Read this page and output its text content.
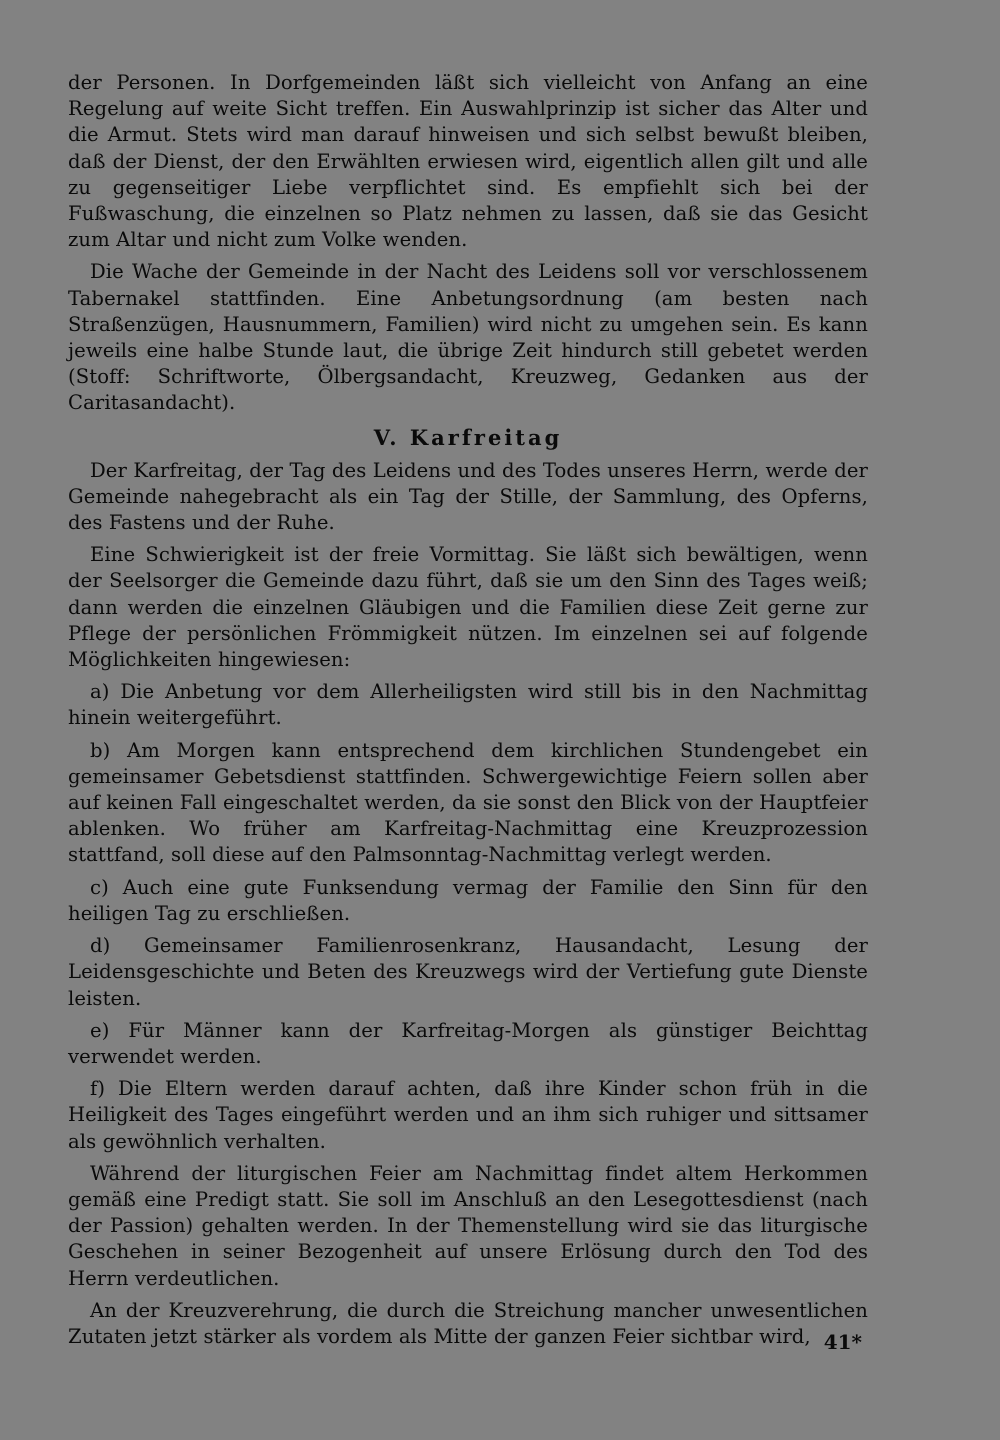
der Personen. In Dorfgemeinden läßt sich vielleicht von Anfang an eine Regelung auf weite Sicht treffen. Ein Auswahlprinzip ist sicher das Alter und die Armut. Stets wird man darauf hinweisen und sich selbst bewußt bleiben, daß der Dienst, der den Erwählten erwiesen wird, eigentlich allen gilt und alle zu gegenseitiger Liebe verpflichtet sind. Es empfiehlt sich bei der Fußwaschung, die einzelnen so Platz nehmen zu lassen, daß sie das Gesicht zum Altar und nicht zum Volke wenden.

Die Wache der Gemeinde in der Nacht des Leidens soll vor verschlossenem Tabernakel stattfinden. Eine Anbetungsordnung (am besten nach Straßenzügen, Hausnummern, Familien) wird nicht zu umgehen sein. Es kann jeweils eine halbe Stunde laut, die übrige Zeit hindurch still gebetet werden (Stoff: Schriftworte, Ölbergsandacht, Kreuzweg, Gedanken aus der Caritasandacht).

V. Karfreitag

Der Karfreitag, der Tag des Leidens und des Todes unseres Herrn, werde der Gemeinde nahegebracht als ein Tag der Stille, der Sammlung, des Opferns, des Fastens und der Ruhe.

Eine Schwierigkeit ist der freie Vormittag. Sie läßt sich bewältigen, wenn der Seelsorger die Gemeinde dazu führt, daß sie um den Sinn des Tages weiß; dann werden die einzelnen Gläubigen und die Familien diese Zeit gerne zur Pflege der persönlichen Frömmigkeit nützen. Im einzelnen sei auf folgende Möglichkeiten hingewiesen:

a) Die Anbetung vor dem Allerheiligsten wird still bis in den Nachmittag hinein weitergeführt.

b) Am Morgen kann entsprechend dem kirchlichen Stundengebet ein gemeinsamer Gebetsdienst stattfinden. Schwergewichtige Feiern sollen aber auf keinen Fall eingeschaltet werden, da sie sonst den Blick von der Hauptfeier ablenken. Wo früher am Karfreitag-Nachmittag eine Kreuzprozession stattfand, soll diese auf den Palmsonntag-Nachmittag verlegt werden.

c) Auch eine gute Funksendung vermag der Familie den Sinn für den heiligen Tag zu erschließen.

d) Gemeinsamer Familienrosenkranz, Hausandacht, Lesung der Leidensgeschichte und Beten des Kreuzwegs wird der Vertiefung gute Dienste leisten.

e) Für Männer kann der Karfreitag-Morgen als günstiger Beichttag verwendet werden.

f) Die Eltern werden darauf achten, daß ihre Kinder schon früh in die Heiligkeit des Tages eingeführt werden und an ihm sich ruhiger und sittsamer als gewöhnlich verhalten.

Während der liturgischen Feier am Nachmittag findet altem Herkommen gemäß eine Predigt statt. Sie soll im Anschluß an den Lesegottesdienst (nach der Passion) gehalten werden. In der Themenstellung wird sie das liturgische Geschehen in seiner Bezogenheit auf unsere Erlösung durch den Tod des Herrn verdeutlichen.

An der Kreuzverehrung, die durch die Streichung mancher unwesentlichen Zutaten jetzt stärker als vordem als Mitte der ganzen Feier sichtbar wird, 41*
